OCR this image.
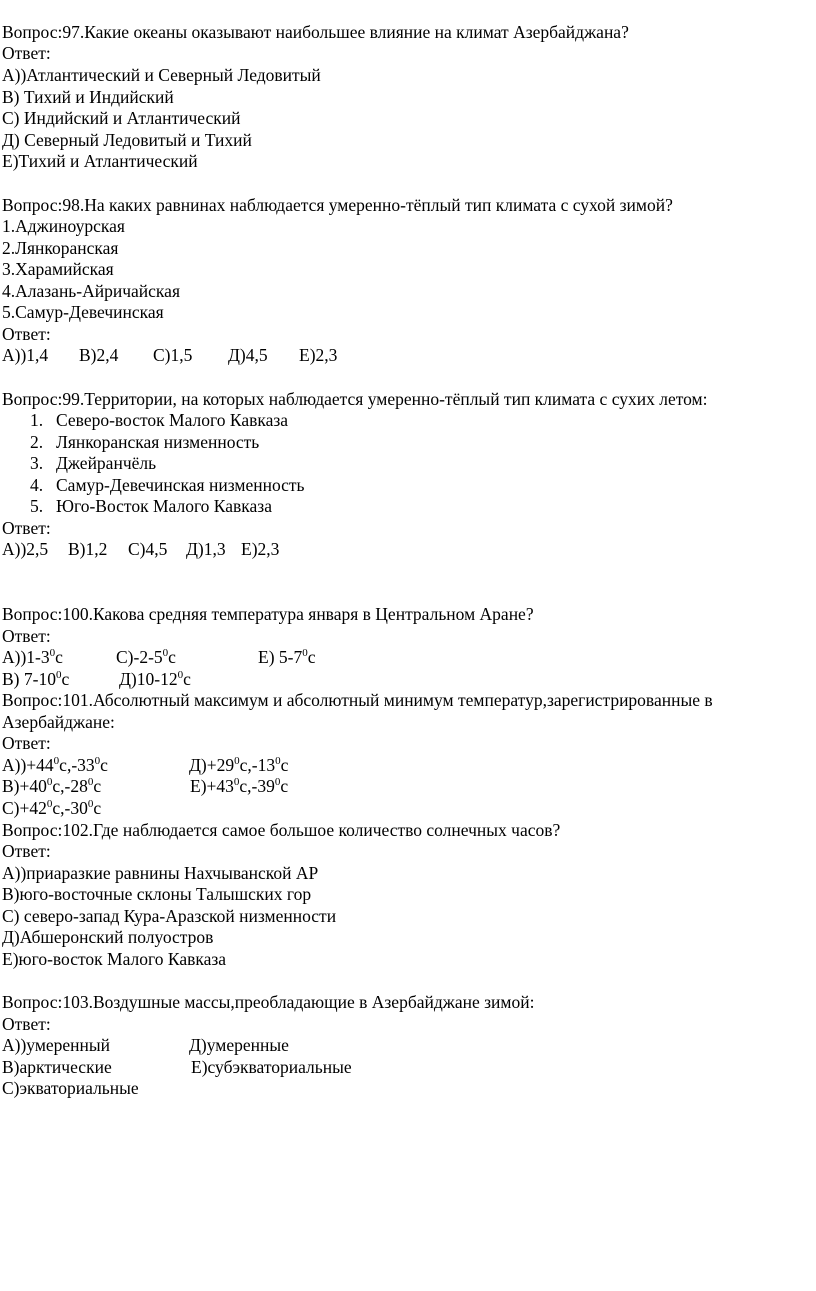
Вопрос:97.Какие океаны оказывают наибольшее влияние на климат Азербайджана?
Ответ:
A))Атлантический и Северный Ледовитый
B) Тихий и Индийский
C) Индийский и Атлантический
Д) Северный Ледовитый и Тихий
E)Тихий и Атлантический
Вопрос:98.На каких равнинах наблюдается умеренно-тёплый тип климата с сухой зимой?
1.Аджиноурская
2.Лянкоранская
3.Харамийская
4.Алазань-Айричайская
5.Самур-Девечинская
Ответ:
A))1,4 B)2,4 C)1,5 Д)4,5 E)2,3
Вопрос:99.Территории, на которых наблюдается умеренно-тёплый тип климата с сухих летом:
1. Северо-восток Малого Кавказа
2. Лянкоранская низменность
3. Джейранчёль
4. Самур-Девечинская низменность
5. Юго-Восток Малого Кавказа
Ответ:
A))2,5 B)1,2 C)4,5 Д)1,3 E)2,3
Вопрос:100.Какова средняя температура января в Центральном Аране?
Ответ:
$A))1-3^0c$	$C)-2-5^0c$	E) $5-7^0c$
B) $7-10^0c$	$Д)10-12^0c$
Вопрос:101.Абсолютный максимум и абсолютный минимум температур,зарегистрированные в
Азербайджане:
Ответ:
$A))+44^0c,-33^0c$	$Д)+29^0c,-13^0c$
$B)+40^0c,-28^0c$	$E)+43^0c,-39^0c$
$C)+42^0c,-30^0c$
Вопрос:102.Где наблюдается самое большое количество солнечных часов?
Ответ:
A))приаразкие равнины Нахчыванской АР
B)юго-восточные склоны Талышских гор
C) северо-запад Кура-Аразской низменности
Д)Абшеронский полуостров
E)юго-восток Малого Кавказа
Вопрос:103.Воздушные массы,преобладающие в Азербайджане зимой:
Ответ:
A))умеренный	Д)умеренные
B)арктические	E)субэкваториальные
C)экваториальные
